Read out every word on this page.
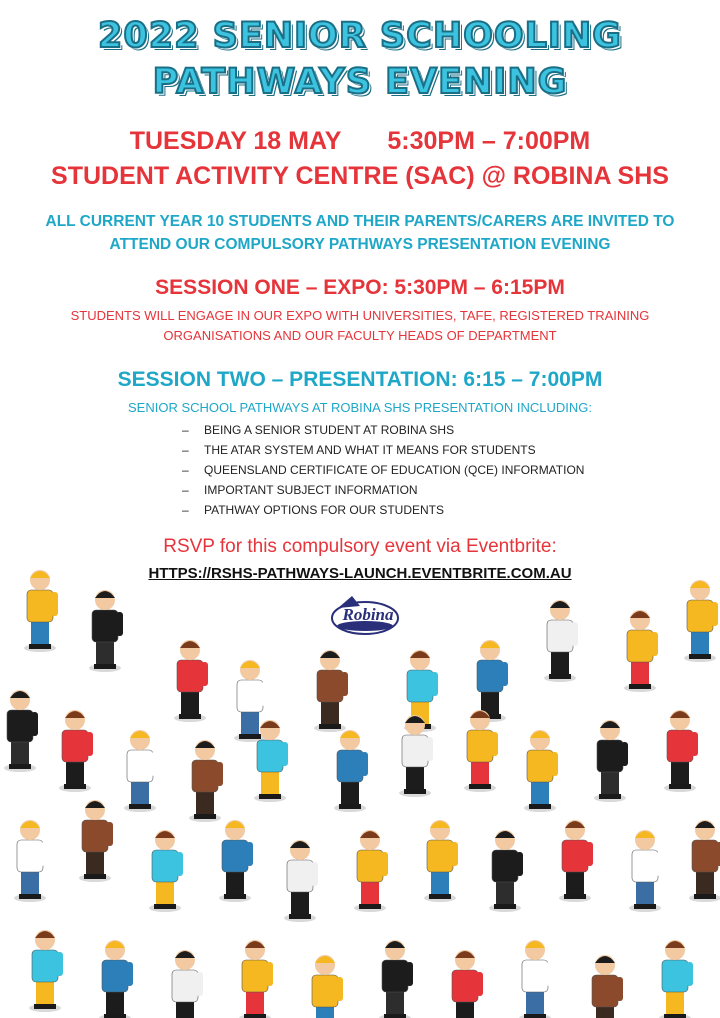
2022 SENIOR SCHOOLING
PATHWAYS EVENING
TUESDAY 18 MAY 5:30PM – 7:00PM
STUDENT ACTIVITY CENTRE (SAC) @ ROBINA SHS
ALL CURRENT YEAR 10 STUDENTS AND THEIR PARENTS/CARERS ARE INVITED TO
ATTEND OUR COMPULSORY PATHWAYS PRESENTATION EVENING
SESSION ONE – EXPO: 5:30PM – 6:15PM
STUDENTS WILL ENGAGE IN OUR EXPO WITH UNIVERSITIES, TAFE, REGISTERED TRAINING
ORGANISATIONS AND OUR FACULTY HEADS OF DEPARTMENT
SESSION TWO – PRESENTATION: 6:15 – 7:00PM
SENIOR SCHOOL PATHWAYS AT ROBINA SHS PRESENTATION INCLUDING:
– BEING A SENIOR STUDENT AT ROBINA SHS
– THE ATAR SYSTEM AND WHAT IT MEANS FOR STUDENTS
– QUEENSLAND CERTIFICATE OF EDUCATION (QCE) INFORMATION
– IMPORTANT SUBJECT INFORMATION
– PATHWAY OPTIONS FOR OUR STUDENTS
RSVP for this compulsory event via Eventbrite:
HTTPS://RSHS-PATHWAYS-LAUNCH.EVENTBRITE.COM.AU
Robina
